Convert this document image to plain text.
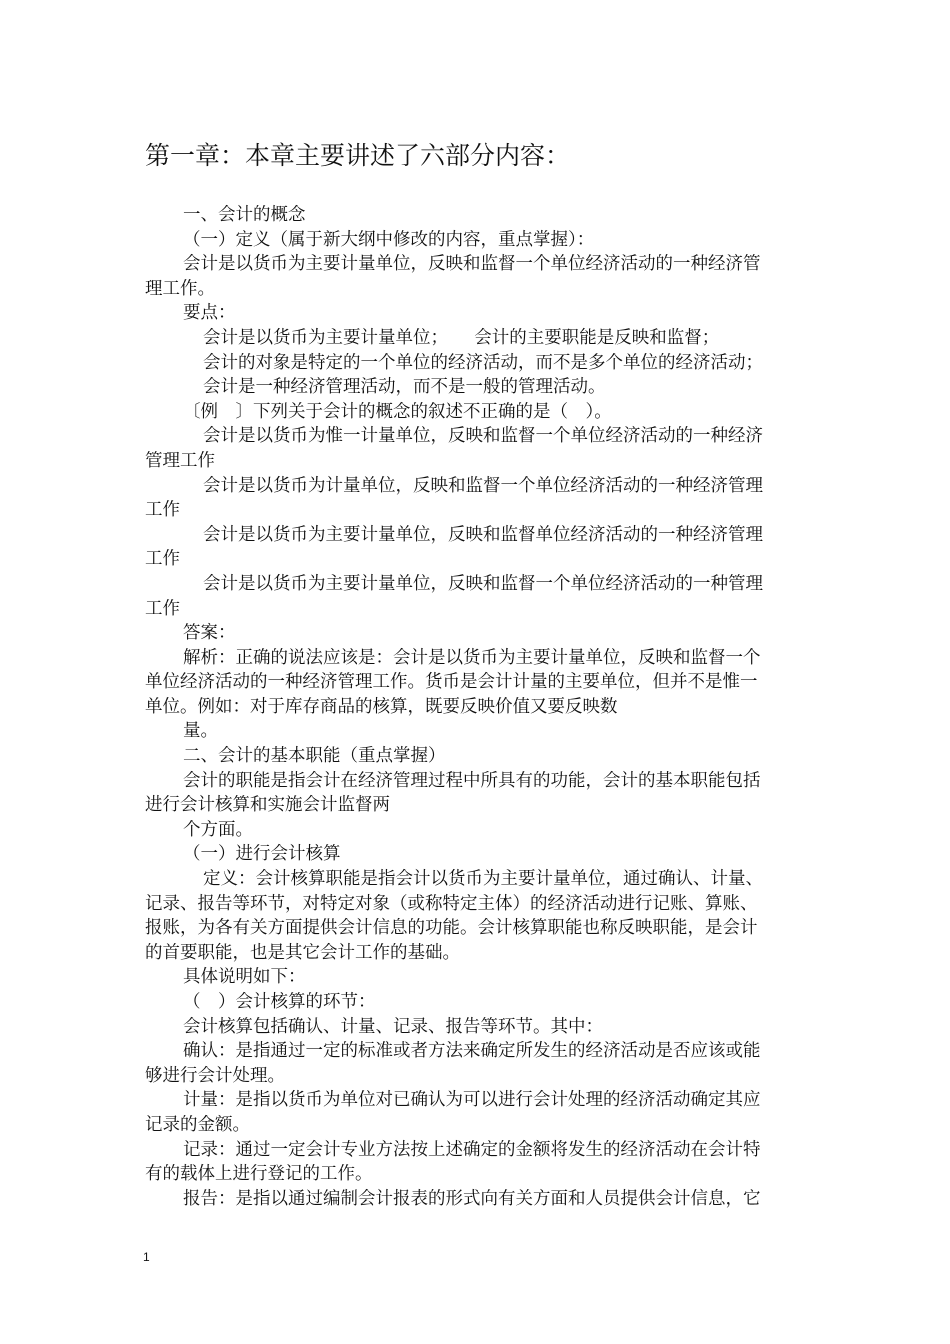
第一章：本章主要讲述了六部分内容：
一、会计的概念
（一）定义（属于新大纲中修改的内容，重点掌握）：
会计是以货币为主要计量单位，反映和监督一个单位经济活动的一种经济管
理工作。
要点：
会计是以货币为主要计量单位；　　会计的主要职能是反映和监督；
会计的对象是特定的一个单位的经济活动，而不是多个单位的经济活动；
会计是一种经济管理活动，而不是一般的管理活动。
〔例　〕下列关于会计的概念的叙述不正确的是（　）。
会计是以货币为惟一计量单位，反映和监督一个单位经济活动的一种经济
管理工作
会计是以货币为计量单位，反映和监督一个单位经济活动的一种经济管理
工作
会计是以货币为主要计量单位，反映和监督单位经济活动的一种经济管理
工作
会计是以货币为主要计量单位，反映和监督一个单位经济活动的一种管理
工作
答案：
解析：正确的说法应该是：会计是以货币为主要计量单位，反映和监督一个
单位经济活动的一种经济管理工作。货币是会计计量的主要单位，但并不是惟一
单位。例如：对于库存商品的核算，既要反映价值又要反映数
量。
二、会计的基本职能（重点掌握）
会计的职能是指会计在经济管理过程中所具有的功能，会计的基本职能包括
进行会计核算和实施会计监督两
个方面。
（一）进行会计核算
定义：会计核算职能是指会计以货币为主要计量单位，通过确认、计量、
记录、报告等环节，对特定对象（或称特定主体）的经济活动进行记账、算账、
报账，为各有关方面提供会计信息的功能。会计核算职能也称反映职能，是会计
的首要职能，也是其它会计工作的基础。
具体说明如下：
（　）会计核算的环节：
会计核算包括确认、计量、记录、报告等环节。其中：
确认：是指通过一定的标准或者方法来确定所发生的经济活动是否应该或能
够进行会计处理。
计量：是指以货币为单位对已确认为可以进行会计处理的经济活动确定其应
记录的金额。
记录：通过一定会计专业方法按上述确定的金额将发生的经济活动在会计特
有的载体上进行登记的工作。
报告：是指以通过编制会计报表的形式向有关方面和人员提供会计信息，它
1
